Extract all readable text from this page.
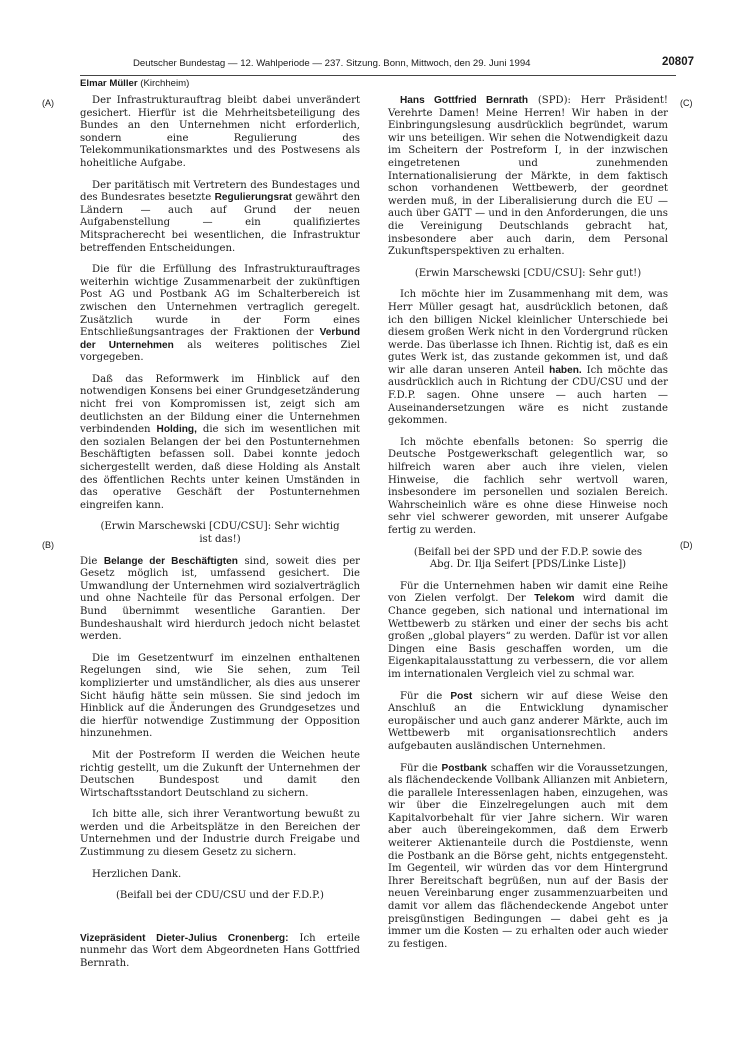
Deutscher Bundestag — 12. Wahlperiode — 237. Sitzung. Bonn, Mittwoch, den 29. Juni 1994	20807
Elmar Müller (Kirchheim)
(A)
(B)
(C)
(D)

Der Infrastrukturauftrag bleibt dabei unverändert gesichert. Hierfür ist die Mehrheitsbeteiligung des Bundes an den Unternehmen nicht erforderlich, sondern eine Regulierung des Telekommunikationsmarktes und des Postwesens als hoheitliche Aufgabe.

Der paritätisch mit Vertretern des Bundestages und des Bundesrates besetzte Regulierungsrat gewährt den Ländern — auch auf Grund der neuen Aufgabenstellung — ein qualifiziertes Mitspracherecht bei wesentlichen, die Infrastruktur betreffenden Entscheidungen.

Die für die Erfüllung des Infrastrukturauftrages weiterhin wichtige Zusammenarbeit der zukünftigen Post AG und Postbank AG im Schalterbereich ist zwischen den Unternehmen vertraglich geregelt. Zusätzlich wurde in der Form eines Entschließungsantrages der Fraktionen der Verbund der Unternehmen als weiteres politisches Ziel vorgegeben.

Daß das Reformwerk im Hinblick auf den notwendigen Konsens bei einer Grundgesetzänderung nicht frei von Kompromissen ist, zeigt sich am deutlichsten an der Bildung einer die Unternehmen verbindenden Holding, die sich im wesentlichen mit den sozialen Belangen der bei den Postunternehmen Beschäftigten befassen soll. Dabei konnte jedoch sichergestellt werden, daß diese Holding als Anstalt des öffentlichen Rechts unter keinen Umständen in das operative Geschäft der Postunternehmen eingreifen kann.

(Erwin Marschewski [CDU/CSU]: Sehr wichtig ist das!)

Die Belange der Beschäftigten sind, soweit dies per Gesetz möglich ist, umfassend gesichert. Die Umwandlung der Unternehmen wird sozialverträglich und ohne Nachteile für das Personal erfolgen. Der Bund übernimmt wesentliche Garantien. Der Bundeshaushalt wird hierdurch jedoch nicht belastet werden.

Die im Gesetzentwurf im einzelnen enthaltenen Regelungen sind, wie Sie sehen, zum Teil komplizierter und umständlicher, als dies aus unserer Sicht häufig hätte sein müssen. Sie sind jedoch im Hinblick auf die Änderungen des Grundgesetzes und die hierfür notwendige Zustimmung der Opposition hinzunehmen.

Mit der Postreform II werden die Weichen heute richtig gestellt, um die Zukunft der Unternehmen der Deutschen Bundespost und damit den Wirtschaftsstandort Deutschland zu sichern.

Ich bitte alle, sich ihrer Verantwortung bewußt zu werden und die Arbeitsplätze in den Bereichen der Unternehmen und der Industrie durch Freigabe und Zustimmung zu diesem Gesetz zu sichern.

Herzlichen Dank.

(Beifall bei der CDU/CSU und der F.D.P.)

Vizepräsident Dieter-Julius Cronenberg: Ich erteile nunmehr das Wort dem Abgeordneten Hans Gottfried Bernrath.

Hans Gottfried Bernrath (SPD): Herr Präsident! Verehrte Damen! Meine Herren! Wir haben in der Einbringungslesung ausdrücklich begründet, warum wir uns beteiligen. Wir sehen die Notwendigkeit dazu im Scheitern der Postreform I, in der inzwischen eingetretenen und zunehmenden Internationalisierung der Märkte, in dem faktisch schon vorhandenen Wettbewerb, der geordnet werden muß, in der Liberalisierung durch die EU — auch über GATT — und in den Anforderungen, die uns die Vereinigung Deutschlands gebracht hat, insbesondere aber auch darin, dem Personal Zukunftsperspektiven zu erhalten.

(Erwin Marschewski [CDU/CSU]: Sehr gut!)

Ich möchte hier im Zusammenhang mit dem, was Herr Müller gesagt hat, ausdrücklich betonen, daß ich den billigen Nickel kleinlicher Unterschiede bei diesem großen Werk nicht in den Vordergrund rücken werde. Das überlasse ich Ihnen. Richtig ist, daß es ein gutes Werk ist, das zustande gekommen ist, und daß wir alle daran unseren Anteil haben. Ich möchte das ausdrücklich auch in Richtung der CDU/CSU und der F.D.P. sagen. Ohne unsere — auch harten — Auseinandersetzungen wäre es nicht zustande gekommen.

Ich möchte ebenfalls betonen: So sperrig die Deutsche Postgewerkschaft gelegentlich war, so hilfreich waren aber auch ihre vielen, vielen Hinweise, die fachlich sehr wertvoll waren, insbesondere im personellen und sozialen Bereich. Wahrscheinlich wäre es ohne diese Hinweise noch sehr viel schwerer geworden, mit unserer Aufgabe fertig zu werden.

(Beifall bei der SPD und der F.D.P. sowie des Abg. Dr. Ilja Seifert [PDS/Linke Liste])

Für die Unternehmen haben wir damit eine Reihe von Zielen verfolgt. Der Telekom wird damit die Chance gegeben, sich national und international im Wettbewerb zu stärken und einer der sechs bis acht großen „global players“ zu werden. Dafür ist vor allen Dingen eine Basis geschaffen worden, um die Eigenkapitalausstattung zu verbessern, die vor allem im internationalen Vergleich viel zu schmal war.

Für die Post sichern wir auf diese Weise den Anschluß an die Entwicklung dynamischer europäischer und auch ganz anderer Märkte, auch im Wettbewerb mit organisationsrechtlich anders aufgebauten ausländischen Unternehmen.

Für die Postbank schaffen wir die Voraussetzungen, als flächendeckende Vollbank Allianzen mit Anbietern, die parallele Interessenlagen haben, einzugehen, was wir über die Einzelregelungen auch mit dem Kapitalvorbehalt für vier Jahre sichern. Wir waren aber auch übereingekommen, daß dem Erwerb weiterer Aktienanteile durch die Postdienste, wenn die Postbank an die Börse geht, nichts entgegensteht. Im Gegenteil, wir würden das vor dem Hintergrund Ihrer Bereitschaft begrüßen, nun auf der Basis der neuen Vereinbarung enger zusammenzuarbeiten und damit vor allem das flächendeckende Angebot unter preisgünstigen Bedingungen — dabei geht es ja immer um die Kosten — zu erhalten oder auch wieder zu festigen.
